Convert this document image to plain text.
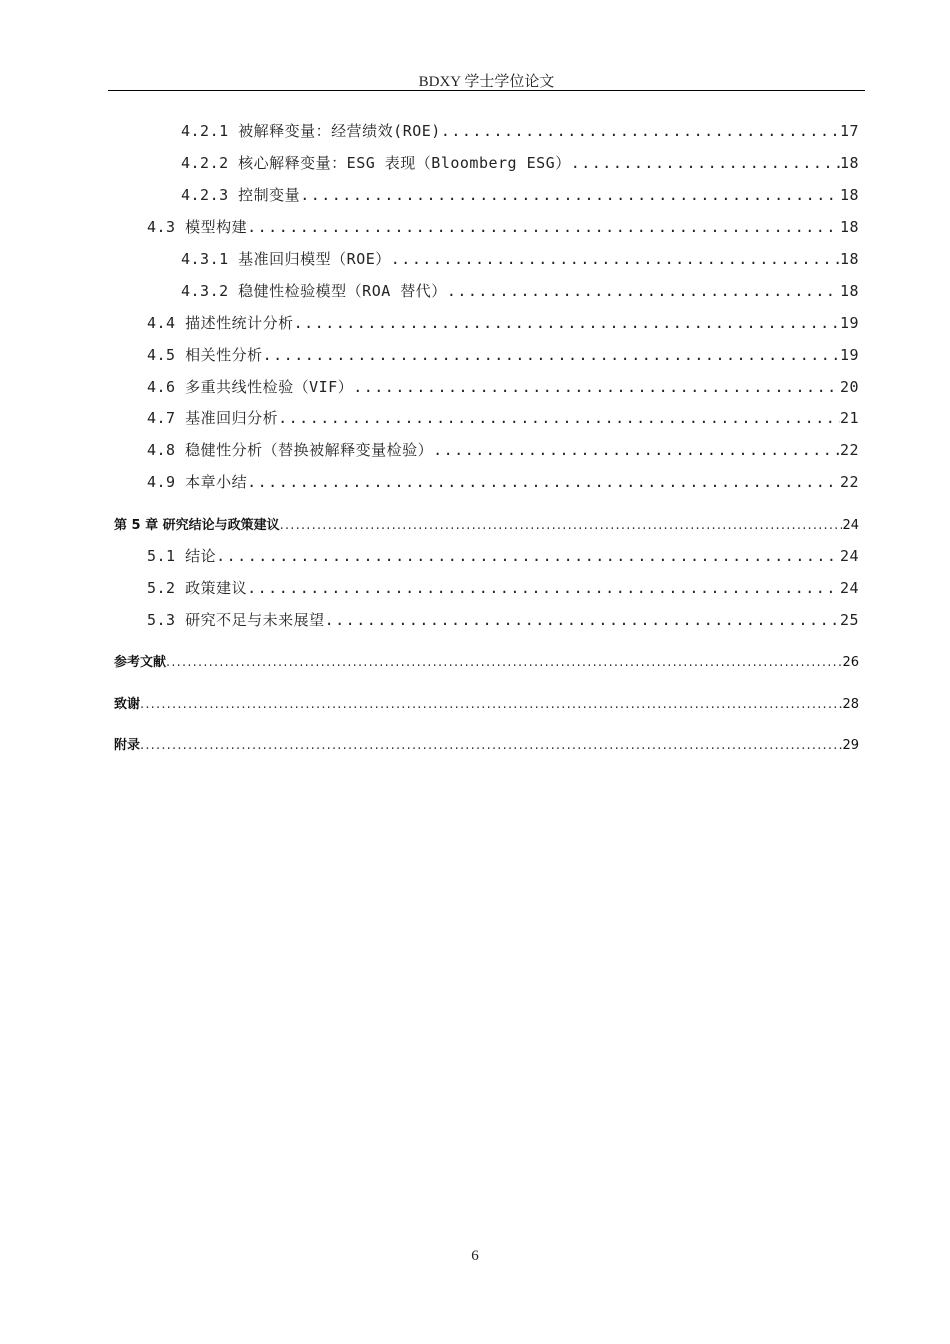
BDXY 学士学位论文
4.2.1 被解释变量：经营绩效(ROE) .....	17
4.2.2 核心解释变量：ESG 表现（Bloomberg ESG） .....	18
4.2.3 控制变量 .....	18
4.3 模型构建 .....	18
4.3.1 基准回归模型（ROE） .....	18
4.3.2 稳健性检验模型（ROA 替代） .....	18
4.4 描述性统计分析 .....	19
4.5 相关性分析 .....	19
4.6 多重共线性检验（VIF） .....	20
4.7 基准回归分析 .....	21
4.8 稳健性分析（替换被解释变量检验） .....	22
4.9 本章小结 .....	22
第 5 章 研究结论与政策建议 .....	24
5.1 结论 .....	24
5.2 政策建议 .....	24
5.3 研究不足与未来展望 .....	25
参考文献 .....	26
致谢 .....	28
附录 .....	29
6
